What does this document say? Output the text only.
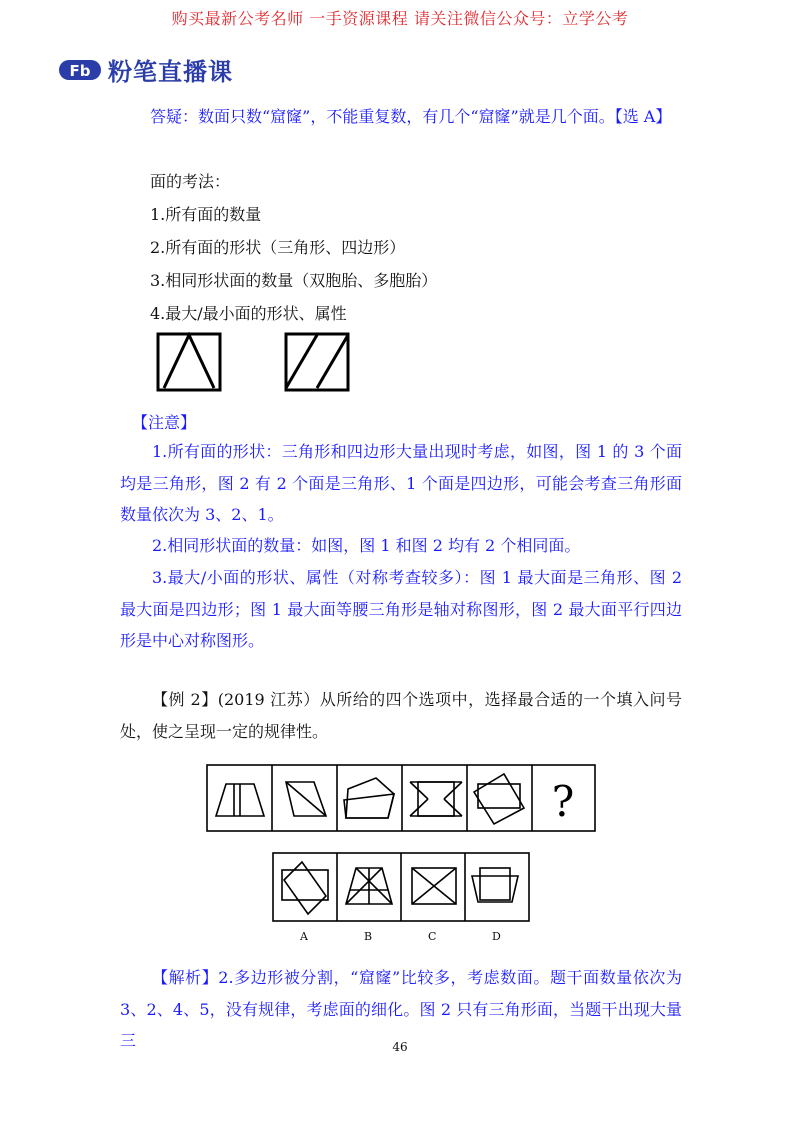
购买最新公考名师 一手资源课程 请关注微信公众号：立学公考
Fb 粉笔直播课
答疑：数面只数“窟窿”，不能重复数，有几个“窟窿”就是几个面。【选 A】
面的考法：
1.所有面的数量
2.所有面的形状（三角形、四边形）
3.相同形状面的数量（双胞胎、多胞胎）
4.最大/最小面的形状、属性
【注意】
1.所有面的形状：三角形和四边形大量出现时考虑，如图，图 1 的 3 个面均是三角形，图 2 有 2 个面是三角形、1 个面是四边形，可能会考查三角形面数量依次为 3、2、1。
2.相同形状面的数量：如图，图 1 和图 2 均有 2 个相同面。
3.最大/小面的形状、属性（对称考查较多）：图 1 最大面是三角形、图 2 最大面是四边形；图 1 最大面等腰三角形是轴对称图形，图 2 最大面平行四边形是中心对称图形。
【例 2】(2019 江苏）从所给的四个选项中，选择最合适的一个填入问号处，使之呈现一定的规律性。
?
A	B	C	D
【解析】2.多边形被分割，“窟窿”比较多，考虑数面。题干面数量依次为3、2、4、5，没有规律，考虑面的细化。图 2 只有三角形面，当题干出现大量三	46
